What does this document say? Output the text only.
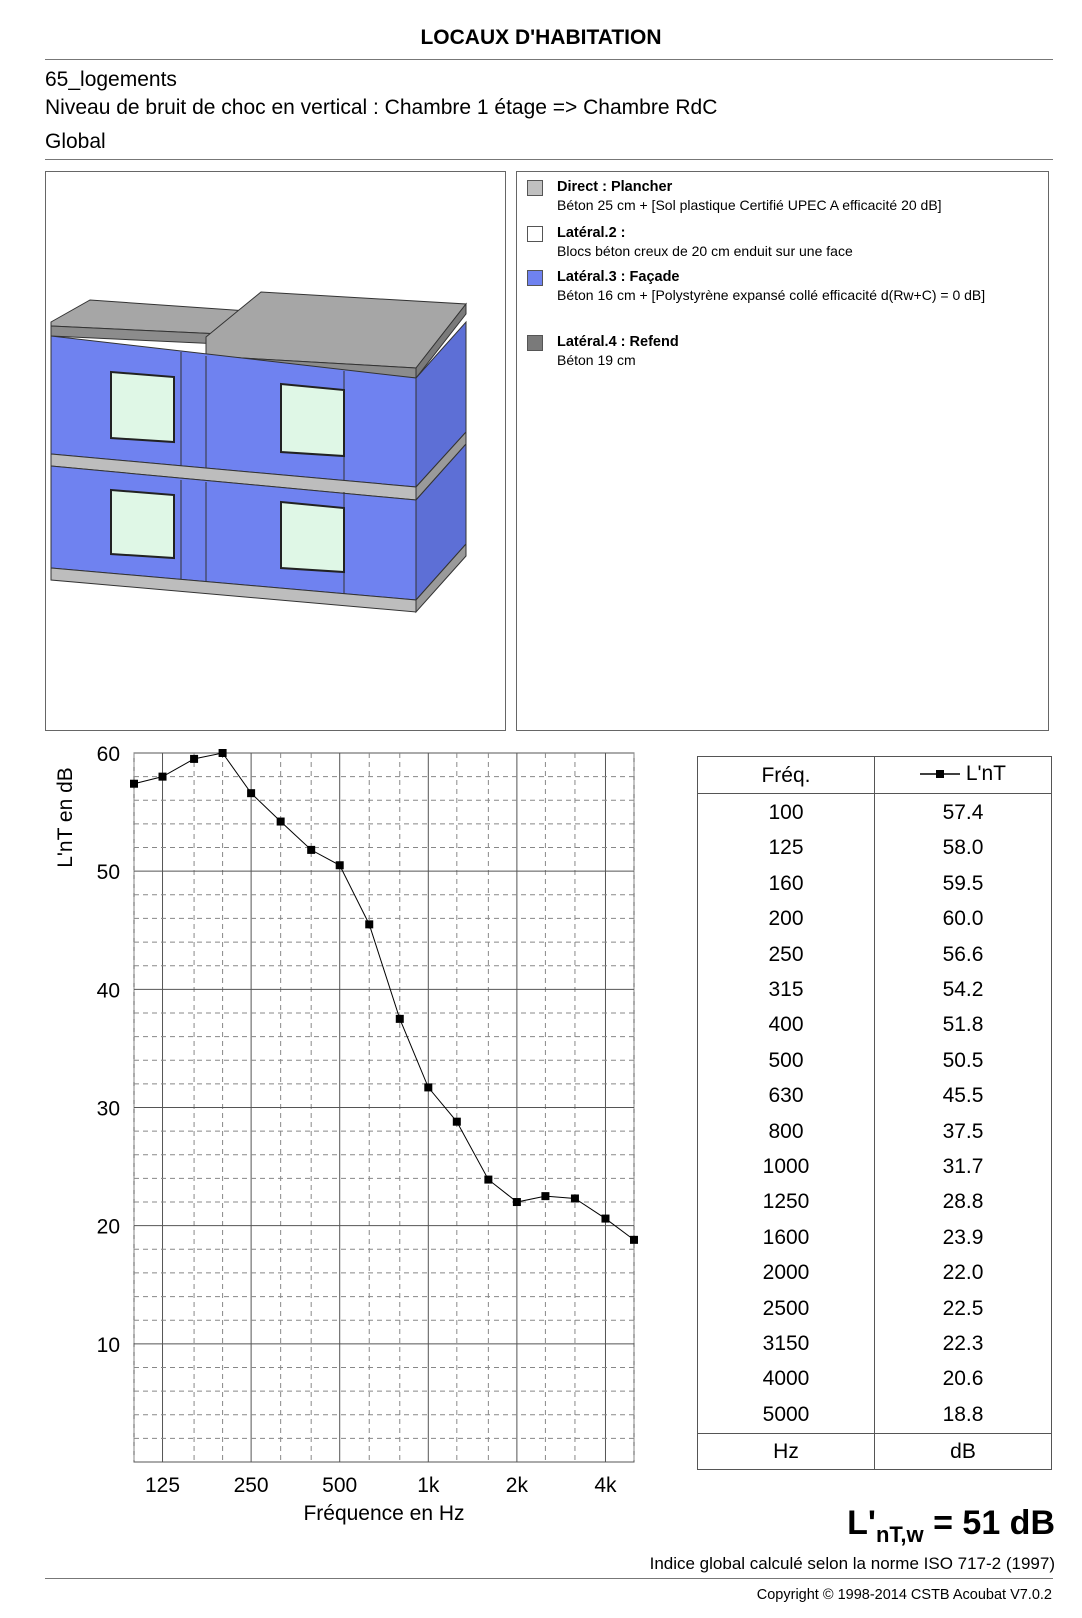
LOCAUX D'HABITATION
65_logements
Niveau de bruit de choc en vertical : Chambre 1 étage => Chambre RdC
Global
Direct : Plancher
Béton 25 cm + [Sol plastique Certifié UPEC A efficacité 20 dB]
Latéral.2 :
Blocs béton creux de 20 cm enduit sur une face
Latéral.3 : Façade
Béton 16 cm + [Polystyrène expansé collé efficacité d(Rw+C) = 0 dB]
Latéral.4 : Refend
Béton 19 cm
10
20
30
40
50
60
125	250	500	1k	2k	4k
Fréquence en Hz
L'nT en dB	Fréq.	L'nT
100	57.4
125	58.0
160	59.5
200	60.0
250	56.6
315	54.2
400	51.8
500	50.5
630	45.5
800	37.5
1000	31.7
1250	28.8
1600	23.9
2000	22.0
2500	22.5
3150	22.3
4000	20.6
5000	18.8
Hz	dB
$L'_{nT,w} = 51$ dB
Indice global calculé selon la norme ISO 717-2 (1997)
Copyright © 1998-2014 CSTB Acoubat V7.0.2
